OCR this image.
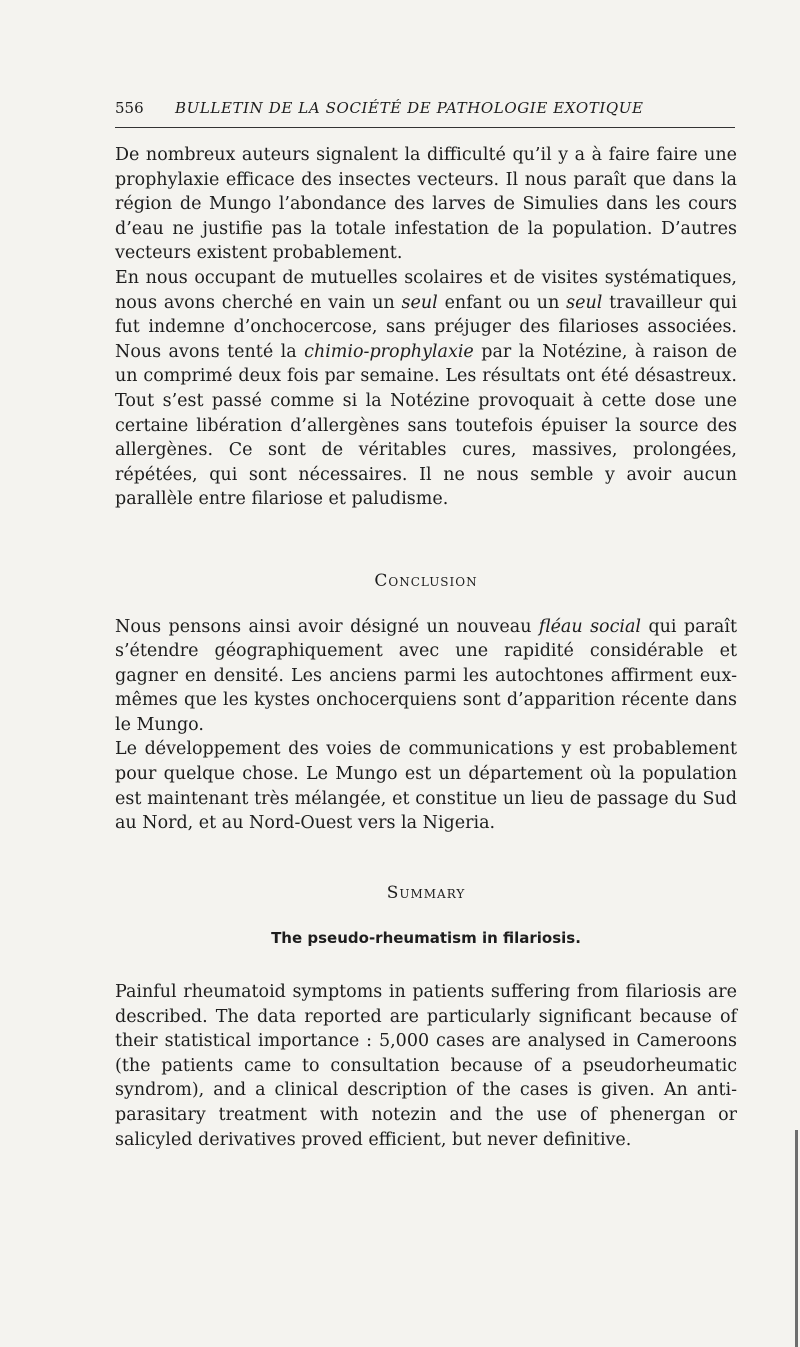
556 BULLETIN DE LA SOCIÉTÉ DE PATHOLOGIE EXOTIQUE

De nombreux auteurs signalent la difficulté qu’il y a à faire faire une prophylaxie efficace des insectes vecteurs. Il nous paraît que dans la région de Mungo l’abondance des larves de Simulies dans les cours d’eau ne justifie pas la totale infestation de la population. D’autres vecteurs existent probablement.

En nous occupant de mutuelles scolaires et de visites systématiques, nous avons cherché en vain un seul enfant ou un seul travailleur qui fut indemne d’onchocercose, sans préjuger des filarioses associées. Nous avons tenté la chimio-prophylaxie par la Notézine, à raison de un comprimé deux fois par semaine. Les résultats ont été désastreux. Tout s’est passé comme si la Notézine provoquait à cette dose une certaine libération d’allergènes sans toutefois épuiser la source des allergènes. Ce sont de véritables cures, massives, prolongées, répétées, qui sont nécessaires. Il ne nous semble y avoir aucun parallèle entre filariose et paludisme.

Conclusion

Nous pensons ainsi avoir désigné un nouveau fléau social qui paraît s’étendre géographiquement avec une rapidité considérable et gagner en densité. Les anciens parmi les autochtones affirment eux-mêmes que les kystes onchocerquiens sont d’apparition récente dans le Mungo.

Le développement des voies de communications y est probablement pour quelque chose. Le Mungo est un département où la population est maintenant très mélangée, et constitue un lieu de passage du Sud au Nord, et au Nord-Ouest vers la Nigeria.

Summary

The pseudo-rheumatism in filariosis.

Painful rheumatoid symptoms in patients suffering from filariosis are described. The data reported are particularly significant because of their statistical importance : 5,000 cases are analysed in Cameroons (the patients came to consultation because of a pseudorheumatic syndrom), and a clinical description of the cases is given. An anti-parasitary treatment with notezin and the use of phenergan or salicyled derivatives proved efficient, but never definitive.
